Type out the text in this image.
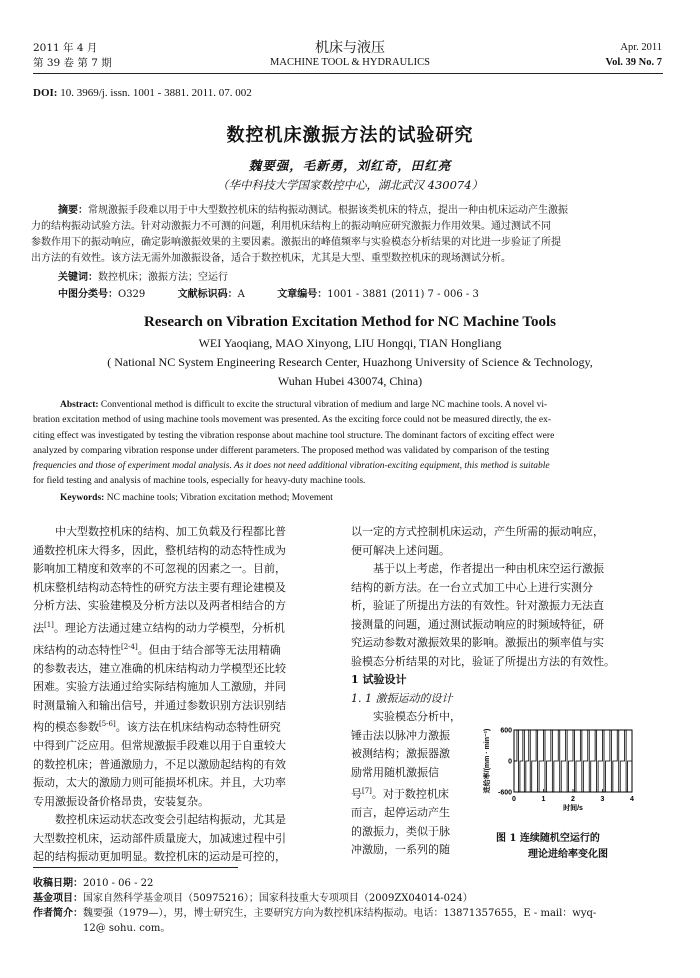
2011 年 4 月
第 39 卷 第 7 期
机床与液压
MACHINE TOOL & HYDRAULICS
Apr. 2011
Vol. 39 No. 7
DOI: 10. 3969/j. issn. 1001 - 3881. 2011. 07. 002
数控机床激振方法的试验研究
魏要强，毛新勇，刘红奇，田红亮
（华中科技大学国家数控中心，湖北武汉 430074）
摘要：常规激振手段难以用于中大型数控机床的结构振动测试。根据该类机床的特点，提出一种由机床运动产生激振
力的结构振动试验方法。针对动激振力不可测的问题，利用机床结构上的振动响应研究激振力作用效果。通过测试不同
参数作用下的振动响应，确定影响激振效果的主要因素。激振出的峰值频率与实验模态分析结果的对比进一步验证了所提
出方法的有效性。该方法无需外加激振设备，适合于数控机床，尤其是大型、重型数控机床的现场测试分析。
关键词：数控机床；激振方法；空运行
中图分类号：O329	文献标识码：A	文章编号：1001 - 3881 (2011) 7 - 006 - 3
Research on Vibration Excitation Method for NC Machine Tools
WEI Yaoqiang, MAO Xinyong, LIU Hongqi, TIAN Hongliang
( National NC System Engineering Research Center, Huazhong University of Science & Technology,
Wuhan Hubei 430074, China)
Abstract: Conventional method is difficult to excite the structural vibration of medium and large NC machine tools. A novel vi-
bration excitation method of using machine tools movement was presented. As the exciting force could not be measured directly, the ex-
citing effect was investigated by testing the vibration response about machine tool structure. The dominant factors of exciting effect were
analyzed by comparing vibration response under different parameters. The proposed method was validated by comparison of the testing
frequencies and those of experiment modal analysis. As it does not need additional vibration-exciting equipment, this method is suitable
for field testing and analysis of machine tools, especially for heavy-duty machine tools.
Keywords: NC machine tools; Vibration excitation method; Movement
中大型数控机床的结构、加工负载及行程都比普
通数控机床大得多，因此，整机结构的动态特性成为
影响加工精度和效率的不可忽视的因素之一。目前，
机床整机结构动态特性的研究方法主要有理论建模及
分析方法、实验建模及分析方法以及两者相结合的方
法[1]。理论方法通过建立结构的动力学模型，分析机
床结构的动态特性[2-4]。但由于结合部等无法用精确
的参数表达，建立准确的机床结构动力学模型还比较
困难。实验方法通过给实际结构施加人工激励，并同
时测量输入和输出信号，并通过参数识别方法识别结
构的模态参数[5-6]。该方法在机床结构动态特性研究
中得到广泛应用。但常规激振手段难以用于自重较大
的数控机床；普通激励力，不足以激励起结构的有效
振动，太大的激励力则可能损坏机床。并且，大功率
专用激振设备价格昂贵，安装复杂。
数控机床运动状态改变会引起结构振动，尤其是
大型数控机床，运动部件质量庞大，加减速过程中引
起的结构振动更加明显。数控机床的运动是可控的，
以一定的方式控制机床运动，产生所需的振动响应，
便可解决上述问题。
基于以上考虑，作者提出一种由机床空运行激振
结构的新方法。在一台立式加工中心上进行实测分
析，验证了所提出方法的有效性。针对激振力无法直
接测量的问题，通过测试振动响应的时频域特征，研
究运动参数对激振效果的影响。激振出的频率值与实
验模态分析结果的对比，验证了所提出方法的有效性。
1 试验设计
1. 1 激振运动的设计
实验模态分析中，
锤击法以脉冲力激振
被测结构；激振器激
励常用随机激振信
号[7]。对于数控机床
而言，起停运动产生
的激振力，类似于脉
冲激励，一系列的随
600
0
-600
0	1	2	3	4
时间/s
进给率/(mm · min⁻¹)
图 1 连续随机空运行的
理论进给率变化图
收稿日期：2010 - 06 - 22
基金项目：国家自然科学基金项目（50975216）；国家科技重大专项项目（2009ZX04014-024）
作者简介：魏要强（1979—），男，博士研究生，主要研究方向为数控机床结构振动。电话：13871357655，E - mail：wyq-
12@ sohu. com。
